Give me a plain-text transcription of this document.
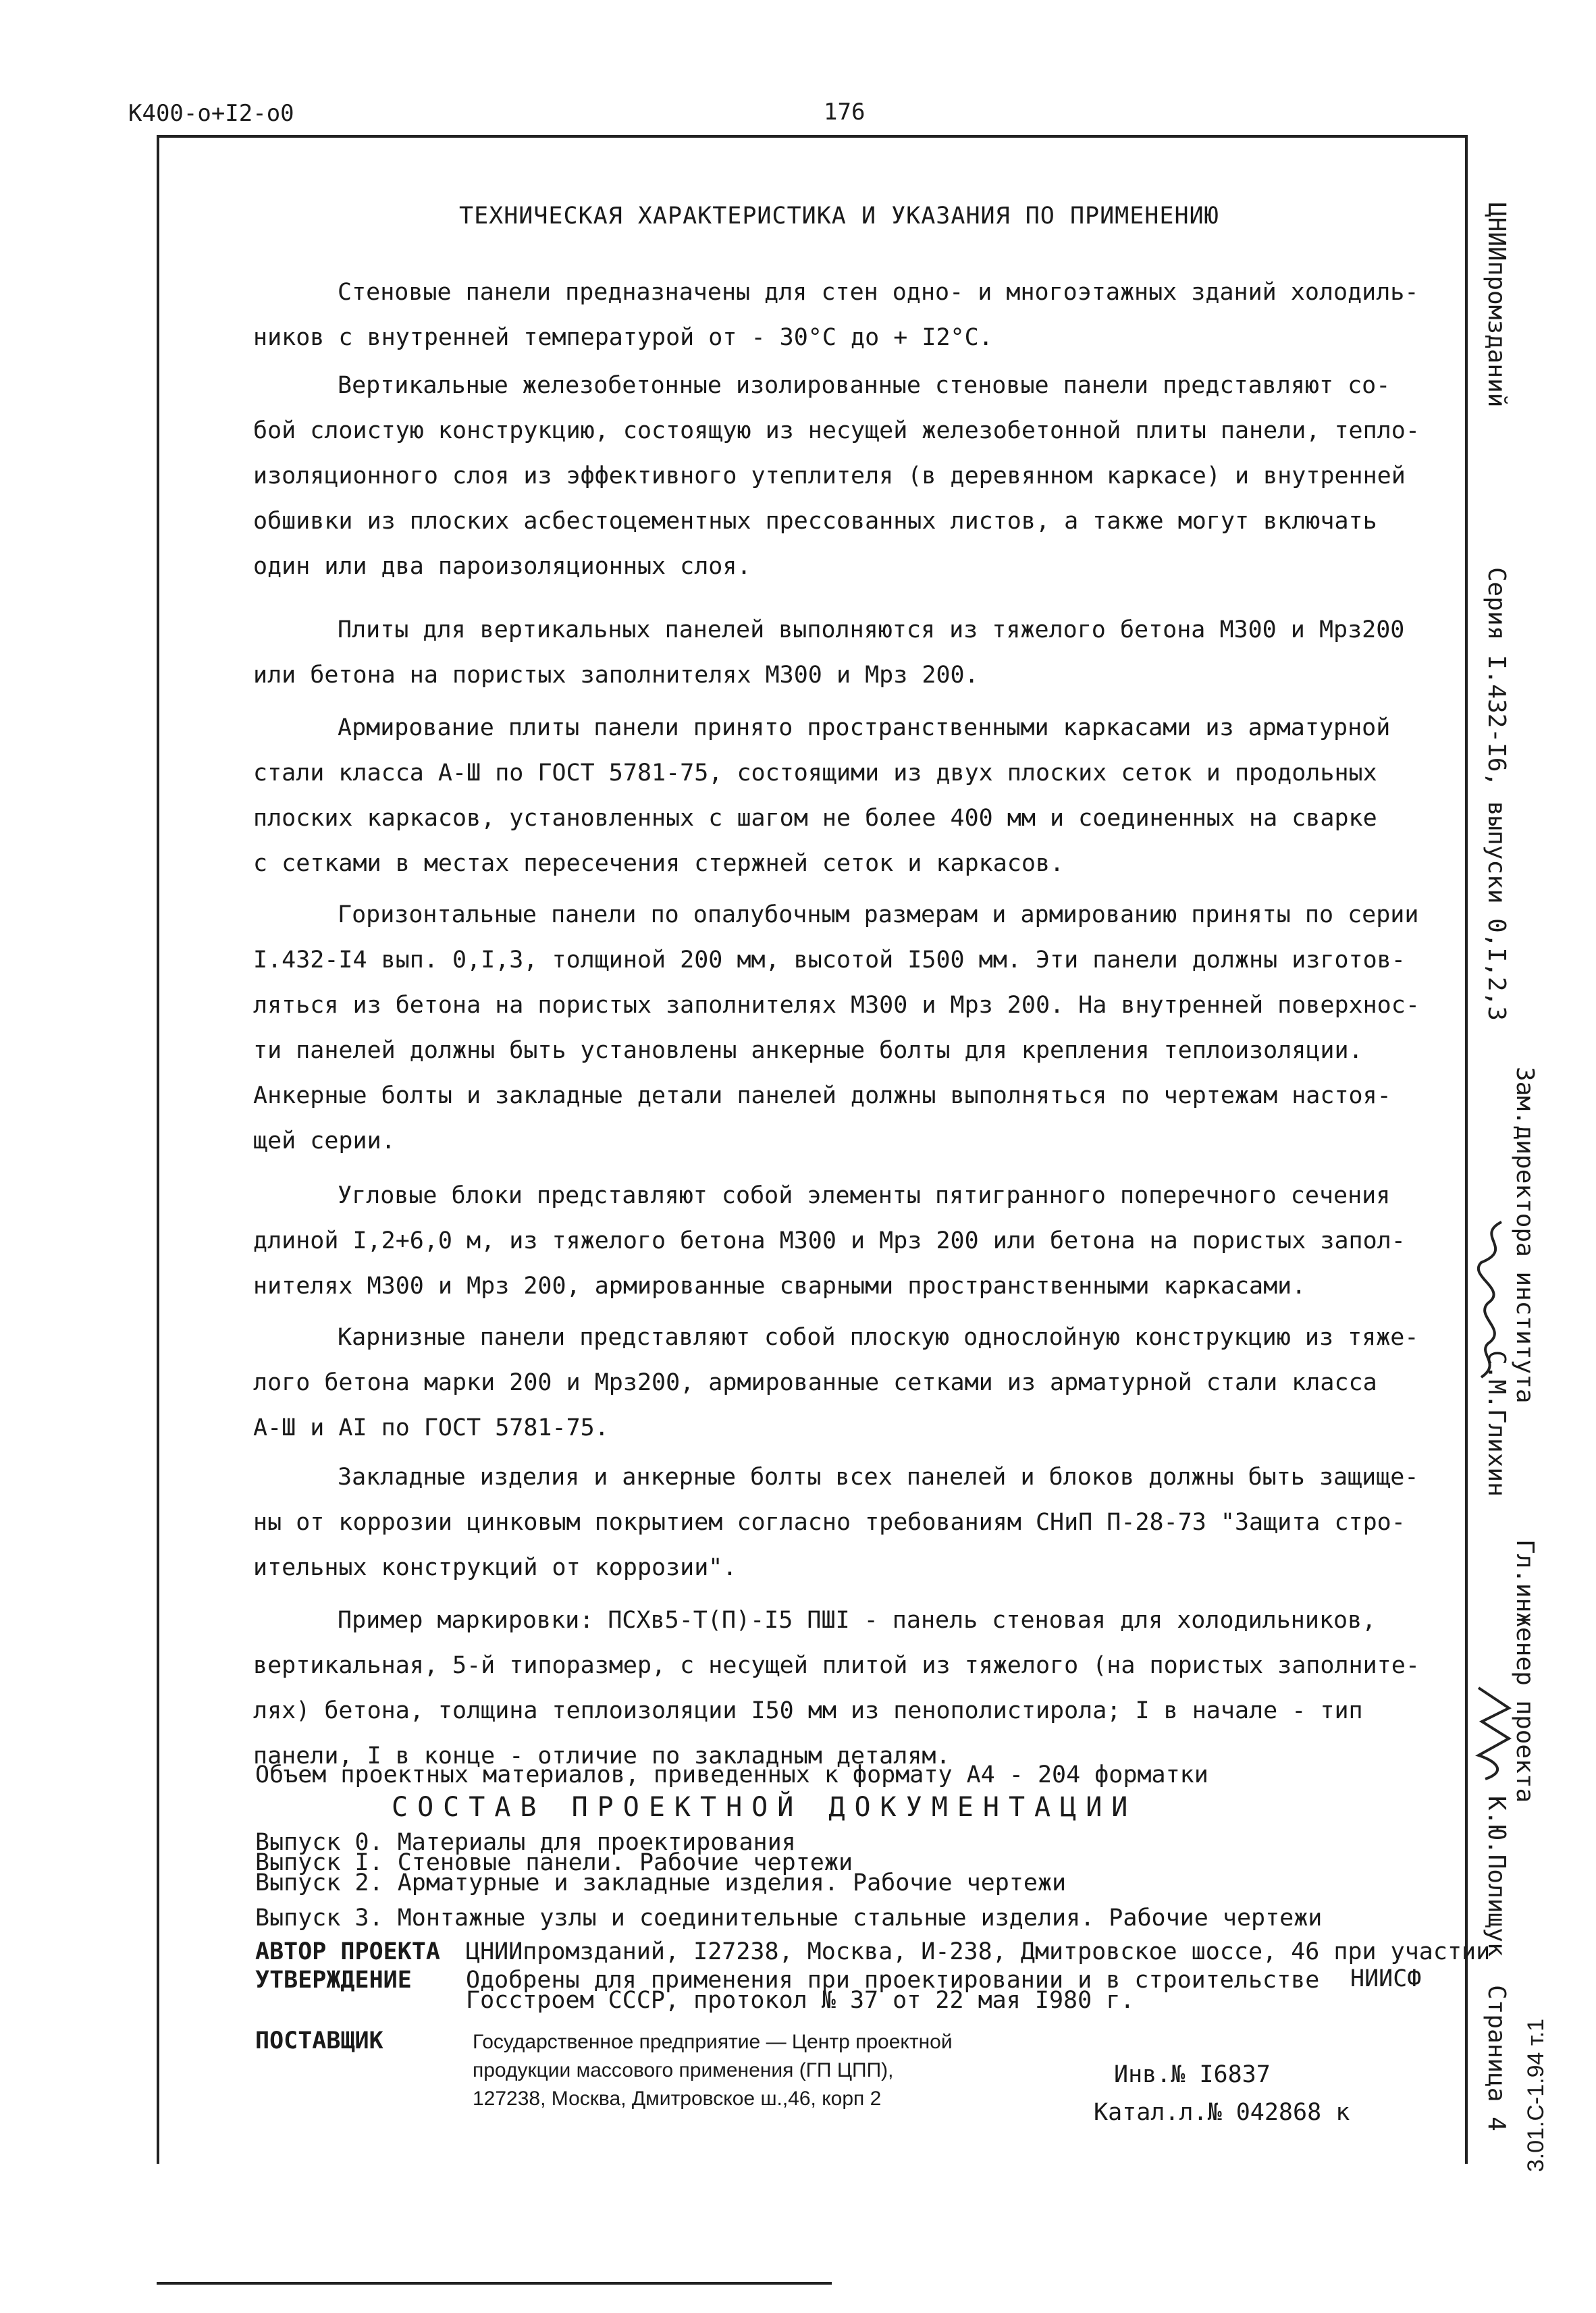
К400-о+I2-о0	176
ТЕХНИЧЕСКАЯ ХАРАКТЕРИСТИКА И УКАЗАНИЯ ПО ПРИМЕНЕНИЮ
Стеновые панели предназначены для стен одно- и многоэтажных зданий холодиль-
ников с внутренней температурой от - 30°С до + I2°С.
Вертикальные железобетонные изолированные стеновые панели представляют со-
бой слоистую конструкцию, состоящую из несущей железобетонной плиты панели, тепло-
изоляционного слоя из эффективного утеплителя (в деревянном каркасе) и внутренней
обшивки из плоских асбестоцементных прессованных листов, а также могут включать
один или два пароизоляционных слоя.
Плиты для вертикальных панелей выполняются из тяжелого бетона М300 и Мрз200
или бетона на пористых заполнителях М300 и Мрз 200.
Армирование плиты панели принято пространственными каркасами из арматурной
стали класса А-Ш по ГОСТ 5781-75, состоящими из двух плоских сеток и продольных
плоских каркасов, установленных с шагом не более 400 мм и соединенных на сварке
с сетками в местах пересечения стержней сеток и каркасов.
Горизонтальные панели по опалубочным размерам и армированию приняты по серии
I.432-I4 вып. 0,I,3, толщиной 200 мм, высотой I500 мм. Эти панели должны изготов-
ляться из бетона на пористых заполнителях М300 и Мрз 200. На внутренней поверхнос-
ти панелей должны быть установлены анкерные болты для крепления теплоизоляции.
Анкерные болты и закладные детали панелей должны выполняться по чертежам настоя-
щей серии.
Угловые блоки представляют собой элементы пятигранного поперечного сечения
длиной I,2+6,0 м, из тяжелого бетона М300 и Мрз 200 или бетона на пористых запол-
нителях М300 и Мрз 200, армированные сварными пространственными каркасами.
Карнизные панели представляют собой плоскую однослойную конструкцию из тяже-
лого бетона марки 200 и Мрз200, армированные сетками из арматурной стали класса
А-Ш и АI по ГОСТ 5781-75.
Закладные изделия и анкерные болты всех панелей и блоков должны быть защище-
ны от коррозии цинковым покрытием согласно требованиям СНиП П-28-73 "Защита стро-
ительных конструкций от коррозии".
Пример маркировки: ПСХв5-Т(П)-I5 ПШI - панель стеновая для холодильников,
вертикальная, 5-й типоразмер, с несущей плитой из тяжелого (на пористых заполните-
лях) бетона, толщина теплоизоляции I50 мм из пенополистирола; I в начале - тип
панели, I в конце - отличие по закладным деталям.
Объем проектных материалов, приведенных к формату А4 - 204 форматки
СОСТАВ ПРОЕКТНОЙ ДОКУМЕНТАЦИИ
Выпуск 0. Материалы для проектирования
Выпуск I. Стеновые панели. Рабочие чертежи
Выпуск 2. Арматурные и закладные изделия. Рабочие чертежи
Выпуск 3. Монтажные узлы и соединительные стальные изделия. Рабочие чертежи
АВТОР ПРОЕКТА ЦНИИпромзданий, I27238, Москва, И-238, Дмитровское шоссе, 46 при участии
НИИСФ
УТВЕРЖДЕНИЕ Одобрены для применения при проектировании и в строительстве
Госстроем СССР, протокол № 37 от 22 мая I980 г.
ПОСТАВЩИК	Государственное предприятие — Центр проектной
продукции массового применения (ГП ЦПП),
127238, Москва, Дмитровское ш.,46, корп 2
Инв.№ I6837
Катал.л.№ 042868 к
ЦНИИпромзданий
Серия I.432-I6, выпуски 0,I,2,3
Зам.директора института
С.М.Глихин
Гл.инженер проекта
К.Ю.Полищук
Страница 4 3.01.С-1.94 т.1
